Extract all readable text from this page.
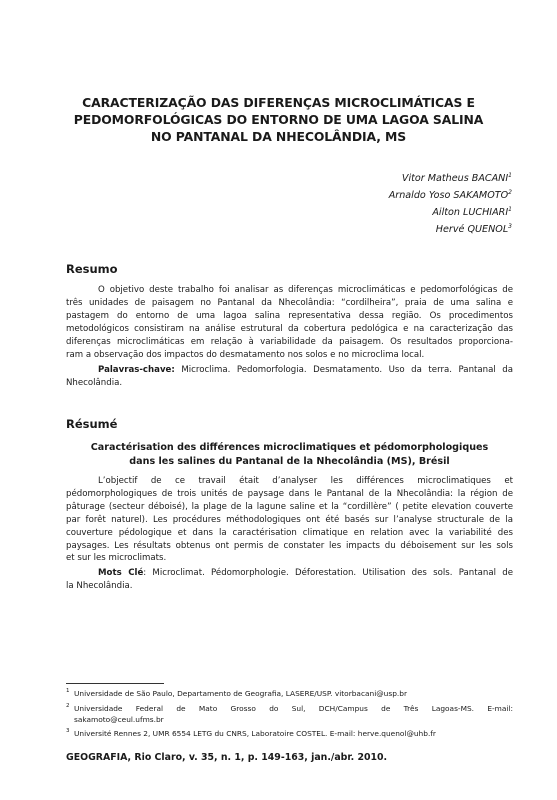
CARACTERIZAÇÃO DAS DIFERENÇAS MICROCLIMÁTICAS E
PEDOMORFOLÓGICAS DO ENTORNO DE UMA LAGOA SALINA
NO PANTANAL DA NHECOLÂNDIA, MS
Vitor Matheus BACANI$^1$
Arnaldo Yoso SAKAMOTO$^2$
Ailton LUCHIARI$^1$
Hervé QUENOL$^3$
Resumo
O objetivo deste trabalho foi analisar as diferenças microclimáticas e pedomorfológicas de
três unidades de paisagem no Pantanal da Nhecolândia: “cordilheira”, praia de uma salina e
pastagem do entorno de uma lagoa salina representativa dessa região. Os procedimentos
metodológicos consistiram na análise estrutural da cobertura pedológica e na caracterização das
diferenças microclimáticas em relação à variabilidade da paisagem. Os resultados proporciona-
ram a observação dos impactos do desmatamento nos solos e no microclima local.
Palavras-chave: Microclima. Pedomorfologia. Desmatamento. Uso da terra. Pantanal da
Nhecolândia.
Résumé
Caractérisation des différences microclimatiques et pédomorphologiques
dans les salines du Pantanal de la Nhecolândia (MS), Brésil
L’objectif de ce travail était d’analyser les différences microclimatiques et
pédomorphologiques de trois unités de paysage dans le Pantanal de la Nhecolândia: la région de
pâturage (secteur déboisé), la plage de la lagune saline et la “cordillère” ( petite elevation couverte
par forêt naturel). Les procédures méthodologiques ont été basés sur l’analyse structurale de la
couverture pédologique et dans la caractérisation climatique en relation avec la variabilité des
paysages. Les résultats obtenus ont permis de constater les impacts du déboisement sur les sols
et sur les microclimats.
Mots Clé: Microclimat. Pédomorphologie. Déforestation. Utilisation des sols. Pantanal de
la Nhecolândia.
1 Universidade de São Paulo, Departamento de Geografia, LASERE/USP. vitorbacani@usp.br
2 Universidade Federal de Mato Grosso do Sul, DCH/Campus de Três Lagoas-MS. E-mail:
sakamoto@ceul.ufms.br
3 Université Rennes 2, UMR 6554 LETG du CNRS, Laboratoire COSTEL. E-mail: herve.quenol@uhb.fr
GEOGRAFIA, Rio Claro, v. 35, n. 1, p. 149-163, jan./abr. 2010.
